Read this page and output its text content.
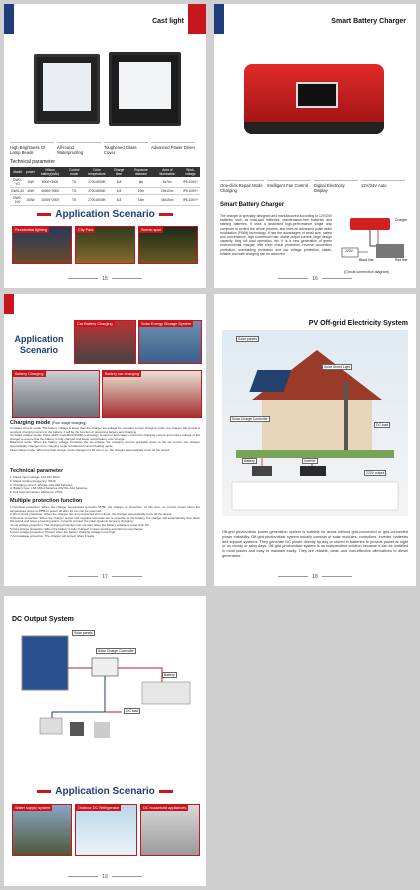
Cast light
High Brightness Of Lamp Beads
All-round Waterproofing
Toughened Glass Cover
Advanced Power Driver
Technical parameter
Model	power	lithium battery(mAh)	Control mode	Color temperature	Charge time	Exposure distance	Area of illumination	Work-voltage
DWG-YG	10W	8000+3000	TG	2700-6500K	6-8	6m	5x7m²	IP5-100V+
DWG-40	40W	40000+3000	TG	2700-6500K	6-8	10m	20x10m²	IP5-100V+
DWG-100	100W	10000+2000	TG	2700-6500K	6-8	15m	45x15m²	IP5-100V+
Application Scenario
Residential lighting	City Park	Scenic spot
15
Smart Battery Charger
One-click Repair Mode Charging
Intelligent Fan Control	Digital Electricity Display
12V/24V Auto
Smart Battery Charger
The charger is specially designed and manufactured according to 12V/24V batteries such as lead-acid batteries, maintenance-free batteries and starting batteries. It uses a dedicated high-performance single chip computer to control the whole process, and uses an advanced pulse width modulation (PWM) technology. It has the advantages of small size, safety and convenience, high conversion rate, stable output current, large design capacity, long full load operation, etc. It is a new generation of green environmental charger, with short circuit protection, reverse connection protection, overloading protection and low voltage protection, stable, reliable and safe charging can be achieved.
Charger
220V
Black line	Red line
(Circuit connection diagram)
16
Application Scenario
Car Battery Charging	Solar Energy Storage System
Battery Charging	Battery car charging
Charging mode (Four-stage charging)
Constant current mode: The battery voltage is lower than the charger set voltage for constant current charging mode; the charger will provide a constant charging current to the battery, it will be the function of protecting battery and charging.
Constant voltage mode: Pulse width modulation(PWM) technology is used to accurately control the charging current and output voltage of the charger to ensure that the battery is fully charged and better avoid battery over charge.
Balanced mode: When the battery voltage increases the set voltage, the charging current gradually drops to the set current; the charger automatically changes from charging mode to balanced current floating mode.
Float charge mode: When the float charge mode changes for 30 min or so, the charger automatically turns off the output.
Technical parameter
1. Rated input voltage: AC176V-264V
2. Rated working frequency: 50HZ
3. Charging current: 12V/2A~10A 20A batteries
4. Battery type: LS6-VRLA batteries 24V/2A~10A batteries
5. Full load conversion efficiency: ≥75%
Multiple protection function
1.Overheat protection: When the charger temperature exceeds 85℃, the charger is protective. At this time, no current output when the temperature drops to 65℃ or power off after 10 min can be resumed.
2.Short circuit protection: When the charger has an unexpected short circuit, the charger automatically turns off the output.
3.Reverse protection: When the charger output end negative electrode are to opposite to the battery, the charger will automatically shut down the output and issue a buzzing alarm, correctly connect the polar dynamic recovery charging.
4.Low voltage protection: The charging protection can not start when the battery voltage is lower than 8V.
5.Over charge protection: When the battery is fully charged, it stops working and will not overcharge.
6.Over-voltage protection: Protect when the battery charging voltage is too high.
7.Anti-leakage protection: The charger will protect when it leaks.
17
PV Off-grid Electricity System
Solar panels
Solar Street Light
Solar Charge Controller
DC load
Battery	Inverter
220V output
Off-grid photovoltaic power generation system is suitable for areas without grid-connected or grid-connected power instability. Off-grid photovoltaic system usually consists of solar modules, controllers, inverter, batteries and support systems. They generate DC power directly by day or stored in batteries to provide power at night or on cloudy or rainy days. Off-grid photovoltaic system is an independent solution because it can be installed in most places and easy to maintain easily. They are reliable, clean and cost-effective alternatives to diesel generators.
18
DC Output System
Solar panels
Solar Charge Controller
Battery
DC load
Application Scenario
Water supply system	Outdoor DC Refrigerator	DC household appliances
19
